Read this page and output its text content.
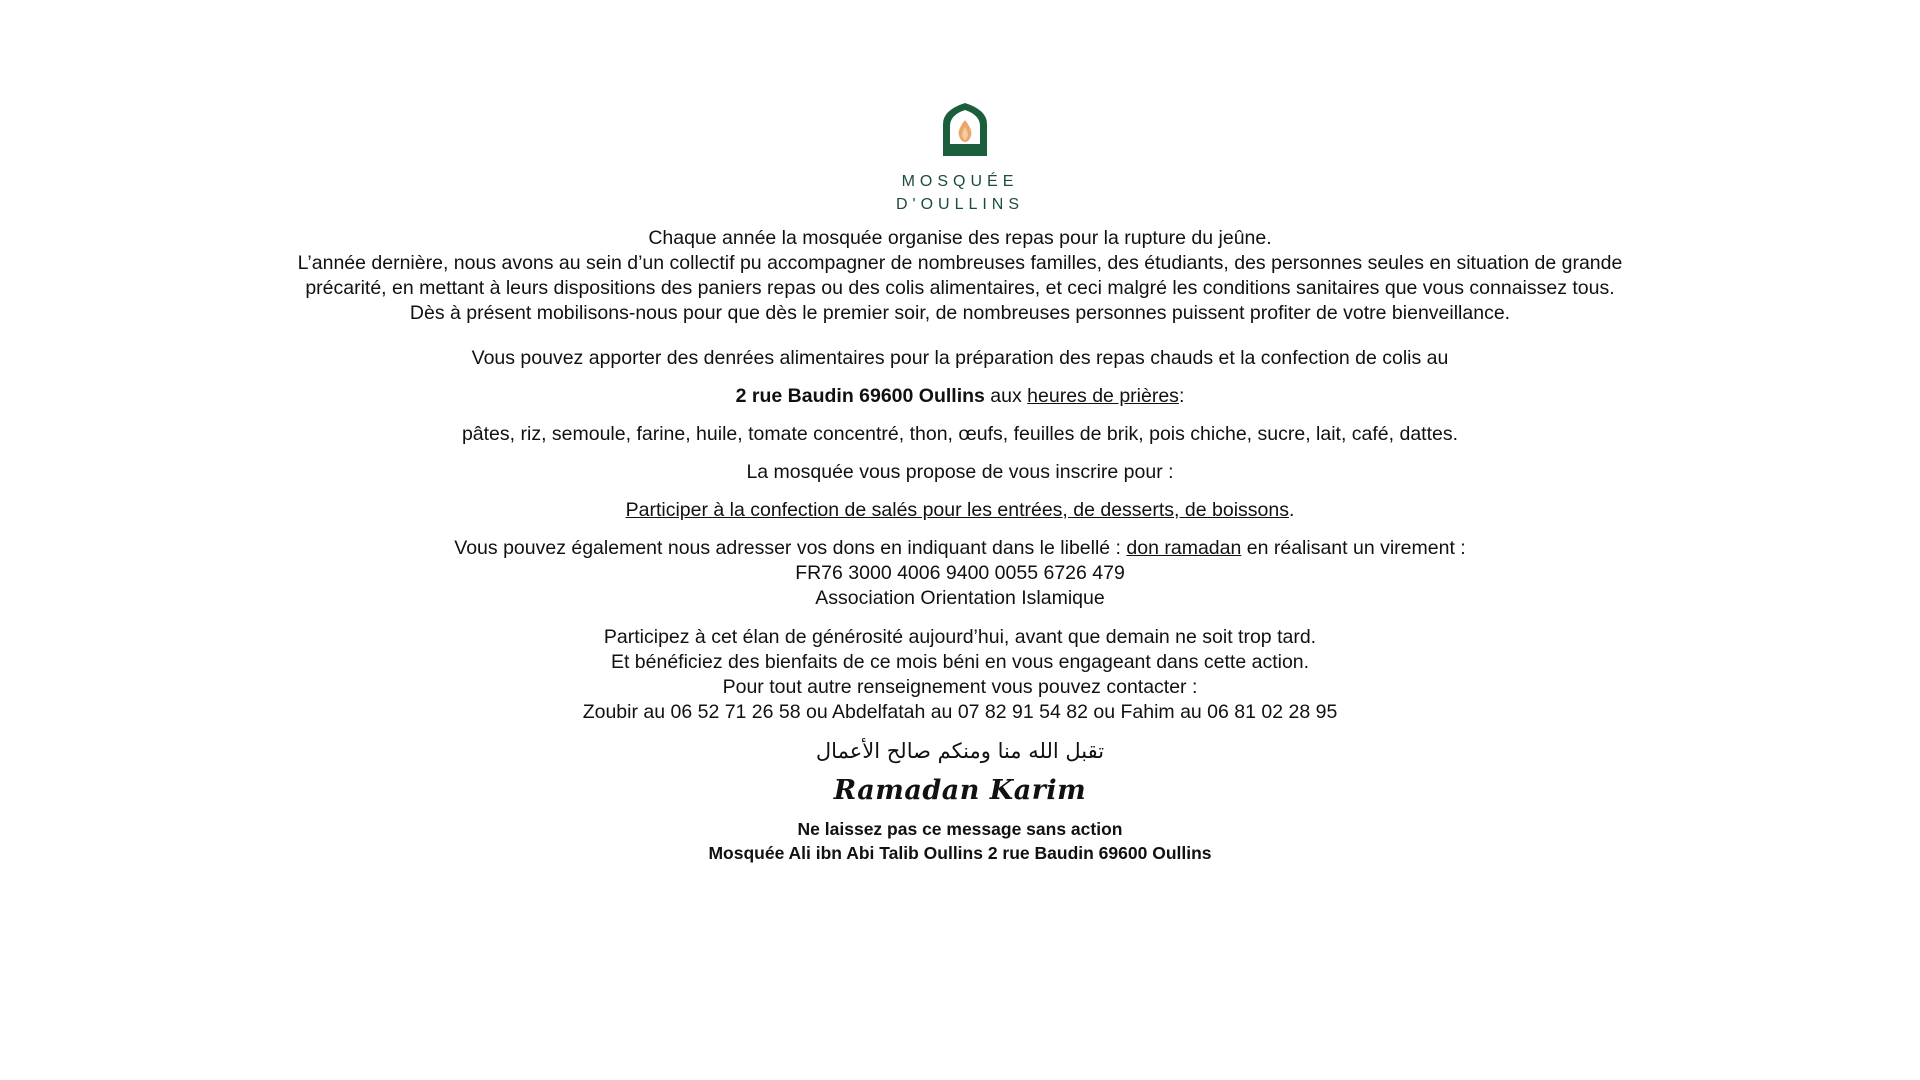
MOSQUÉE
D'OULLINS

Chaque année la mosquée organise des repas pour la rupture du jeûne.

L’année dernière, nous avons au sein d’un collectif pu accompagner de nombreuses familles, des étudiants, des personnes seules en situation de grande

précarité, en mettant à leurs dispositions des paniers repas ou des colis alimentaires, et ceci malgré les conditions sanitaires que vous connaissez tous.

Dès à présent mobilisons-nous pour que dès le premier soir, de nombreuses personnes puissent profiter de votre bienveillance.

Vous pouvez apporter des denrées alimentaires pour la préparation des repas chauds et la confection de colis au

2 rue Baudin 69600 Oullins aux heures de prières:

pâtes, riz, semoule, farine, huile, tomate concentré, thon, œufs, feuilles de brik, pois chiche, sucre, lait, café, dattes.

La mosquée vous propose de vous inscrire pour :

Participer à la confection de salés pour les entrées, de desserts, de boissons.

Vous pouvez également nous adresser vos dons en indiquant dans le libellé : don ramadan en réalisant un virement :

FR76 3000 4006 9400 0055 6726 479

Association Orientation Islamique

Participez à cet élan de générosité aujourd’hui, avant que demain ne soit trop tard.

Et bénéficiez des bienfaits de ce mois béni en vous engageant dans cette action.

Pour tout autre renseignement vous pouvez contacter :

Zoubir au 06 52 71 26 58 ou Abdelfatah au 07 82 91 54 82 ou Fahim au 06 81 02 28 95

تقبل الله منا ومنكم صالح الأعمال

Ramadan Karim

Ne laissez pas ce message sans action

Mosquée Ali ibn Abi Talib Oullins 2 rue Baudin 69600 Oullins
